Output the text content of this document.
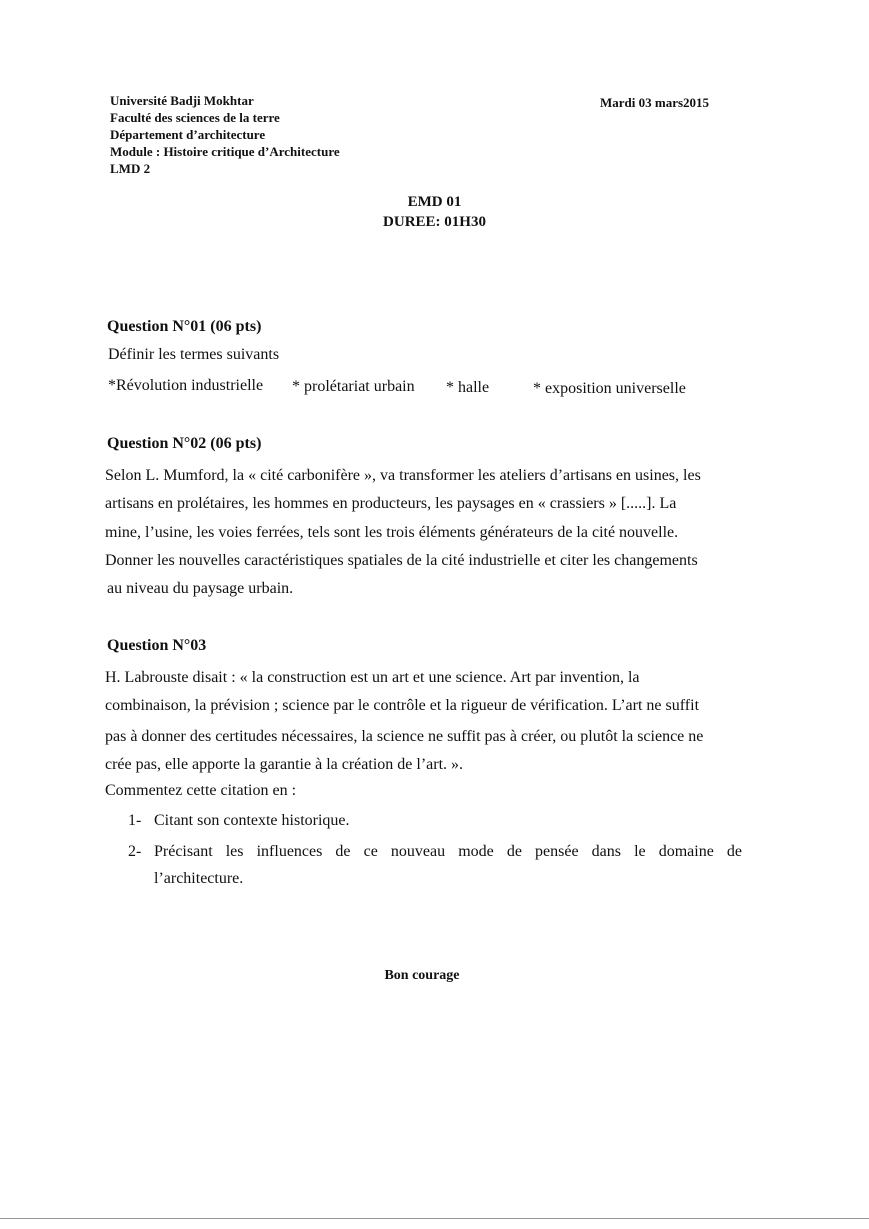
Université Badji Mokhtar
Faculté des sciences de la terre
Département d’architecture
Module : Histoire critique d’Architecture
LMD 2
Mardi 03 mars2015
EMD 01
DUREE: 01H30
Question N°01 (06 pts)
Définir les termes suivants
*Révolution industrielle * prolétariat urbain * halle	* exposition universelle
Question N°02 (06 pts)
Selon L. Mumford, la « cité carbonifère », va transformer les ateliers d’artisans en usines, les
artisans en prolétaires, les hommes en producteurs, les paysages en « crassiers » [.....]. La
mine, l’usine, les voies ferrées, tels sont les trois éléments générateurs de la cité nouvelle.
Donner les nouvelles caractéristiques spatiales de la cité industrielle et citer les changements
au niveau du paysage urbain.
Question N°03
H. Labrouste disait : « la construction est un art et une science. Art par invention, la
combinaison, la prévision ; science par le contrôle et la rigueur de vérification. L’art ne suffit
pas à donner des certitudes nécessaires, la science ne suffit pas à créer, ou plutôt la science ne
crée pas, elle apporte la garantie à la création de l’art. ».
Commentez cette citation en :
1- Citant son contexte historique.
2- Précisant les influences de ce nouveau mode de pensée dans le domaine de
l’architecture.
Bon courage
